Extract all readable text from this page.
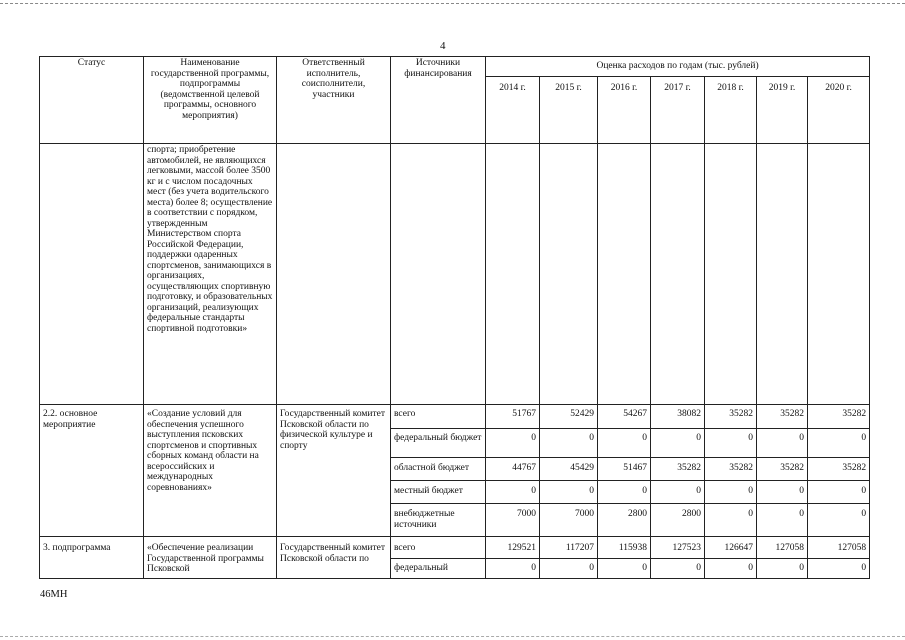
4
Статус	Наименование государственной программы, подпрограммы (ведомственной целевой программы, основного мероприятия)	Ответственный исполнитель, соисполнители, участники	Источники финансирования	Оценка расходов по годам (тыс. рублей)						
				2014 г.	2015 г.	2016 г.	2017 г.	2018 г.	2019 г.	2020 г.
	спорта; приобретение автомобилей, не являющихся легковыми, массой более 3500 кг и с числом посадочных мест (без учета водительского места) более 8; осуществление в соответствии с порядком, утвержденным Министерством спорта Российской Федерации, поддержки одаренных спортсменов, занимающихся в организациях, осуществляющих спортивную подготовку, и образовательных организаций, реализующих федеральные стандарты спортивной подготовки»									
2.2. основное мероприятие	«Создание условий для обеспечения успешного выступления псковских спортсменов и спортивных сборных команд области на всероссийских и международных соревнованиях»	Государственный комитет Псковской области по физической культуре и спорту	всего	51767	52429	54267	38082	35282	35282	35282
			федеральный бюджет	0	0	0	0	0	0	0
			областной бюджет	44767	45429	51467	35282	35282	35282	35282
			местный бюджет	0	0	0	0	0	0	0
			внебюджетные источники	7000	7000	2800	2800	0	0	0
3. подпрограмма	«Обеспечение реализации Государственной программы Псковской	Государственный комитет Псковской области по	всего	129521	117207	115938	127523	126647	127058	127058
			федеральный	0	0	0	0	0	0	0
46МН
